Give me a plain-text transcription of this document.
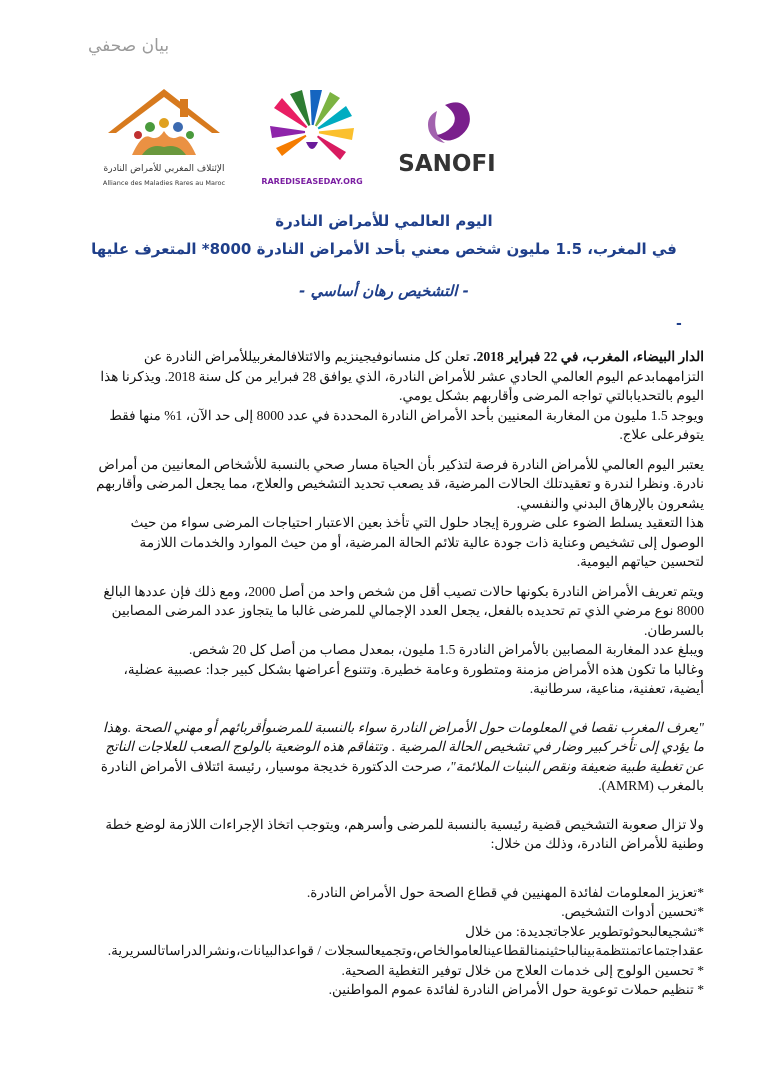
بيان صحفي
الإئتلاف المغربي للأمراض النادرة
Alliance des Maladies Rares au Maroc	RAREDISEASEDAY.ORG
SANOFI

اليوم العالمي للأمراض النادرة

في المغرب، 1.5 مليون شخص معني بأحد الأمراض النادرة 8000* المتعرف عليها

- التشخيص رهان أساسي -

-

الدار البيضاء، المغرب، في 22 فبراير 2018. تعلن كل منسانوفيجينزيم والائتلافالمغربيللأمراض النادرة عن التزامهمابدعم اليوم العالمي الحادي عشر للأمراض النادرة، الذي يوافق 28 فبراير من كل سنة 2018. ويذكرنا هذا اليوم بالتحديابالتي تواجه المرضى وأقاربهم بشكل يومي.

ويوجد 1.5 مليون من المغاربة المعنيين بأحد الأمراض النادرة المحددة في عدد 8000 إلى حد الآن، 1% منها فقط يتوفرعلى علاج.

يعتبر اليوم العالمي للأمراض النادرة فرصة لتذكير بأن الحياة مسار صحي بالنسبة للأشخاص المعانيين من أمراض نادرة. ونظرا لندرة و تعقيدتلك الحالات المرضية، قد يصعب تحديد التشخيص والعلاج، مما يجعل المرضى وأقاربهم يشعرون بالإرهاق البدني والنفسي.

هذا التعقيد يسلط الضوء على ضرورة إيجاد حلول التي تأخذ بعين الاعتبار احتياجات المرضى سواء من حيث الوصول إلى تشخيص وعناية ذات جودة عالية تلائم الحالة المرضية، أو من حيث الموارد والخدمات اللازمة لتحسين حياتهم اليومية.

ويتم تعريف الأمراض النادرة بكونها حالات تصيب أقل من شخص واحد من أصل 2000، ومع ذلك فإن عددها البالغ 8000 نوع مرضي الذي تم تحديده بالفعل، يجعل العدد الإجمالي للمرضى غالبا ما يتجاوز عدد المرضى المصابين بالسرطان.

ويبلغ عدد المغاربة المصابين بالأمراض النادرة 1.5 مليون، بمعدل مصاب من أصل كل 20 شخص.

وغالبا ما تكون هذه الأمراض مزمنة ومتطورة وعامة خطيرة. وتتنوع أعراضها بشكل كبير جدا: عصبية عضلية، أيضية، تعفنية، مناعية، سرطانية.

"يعرف المغرب نقصا في المعلومات حول الأمراض النادرة سواء بالنسبة للمرضىوأقربائهم أو مهني الصحة .وهذا ما يؤدي إلى تأخر كبير وضار في تشخيص الحالة المرضية . وتتفاقم هذه الوضعية بالولوج الصعب للعلاجات الناتج عن تغطية طبية ضعيفة ونقص البنيات الملائمة"، صرحت الدكتورة خديجة موسيار، رئيسة ائتلاف الأمراض النادرة بالمغرب (AMRM).

ولا تزال صعوبة التشخيص قضية رئيسية بالنسبة للمرضى وأسرهم، ويتوجب اتخاذ الإجراءات اللازمة لوضع خطة وطنية للأمراض النادرة، وذلك من خلال:

*تعزيز المعلومات لفائدة المهنيين في قطاع الصحة حول الأمراض النادرة.

*تحسين أدوات التشخيص.

*تشجيعالبحوثوتطوير علاجاتجديدة: من خلال عقداجتماعاتمنتظمةبينالباحثينمنالقطاعينالعاموالخاص،وتجميعالسجلات / قواعدالبيانات،ونشرالدراساتالسريرية.

* تحسين الولوج إلى خدمات العلاج من خلال توفير التغطية الصحية.

* تنظيم حملات توعوية حول الأمراض النادرة لفائدة عموم المواطنين.
